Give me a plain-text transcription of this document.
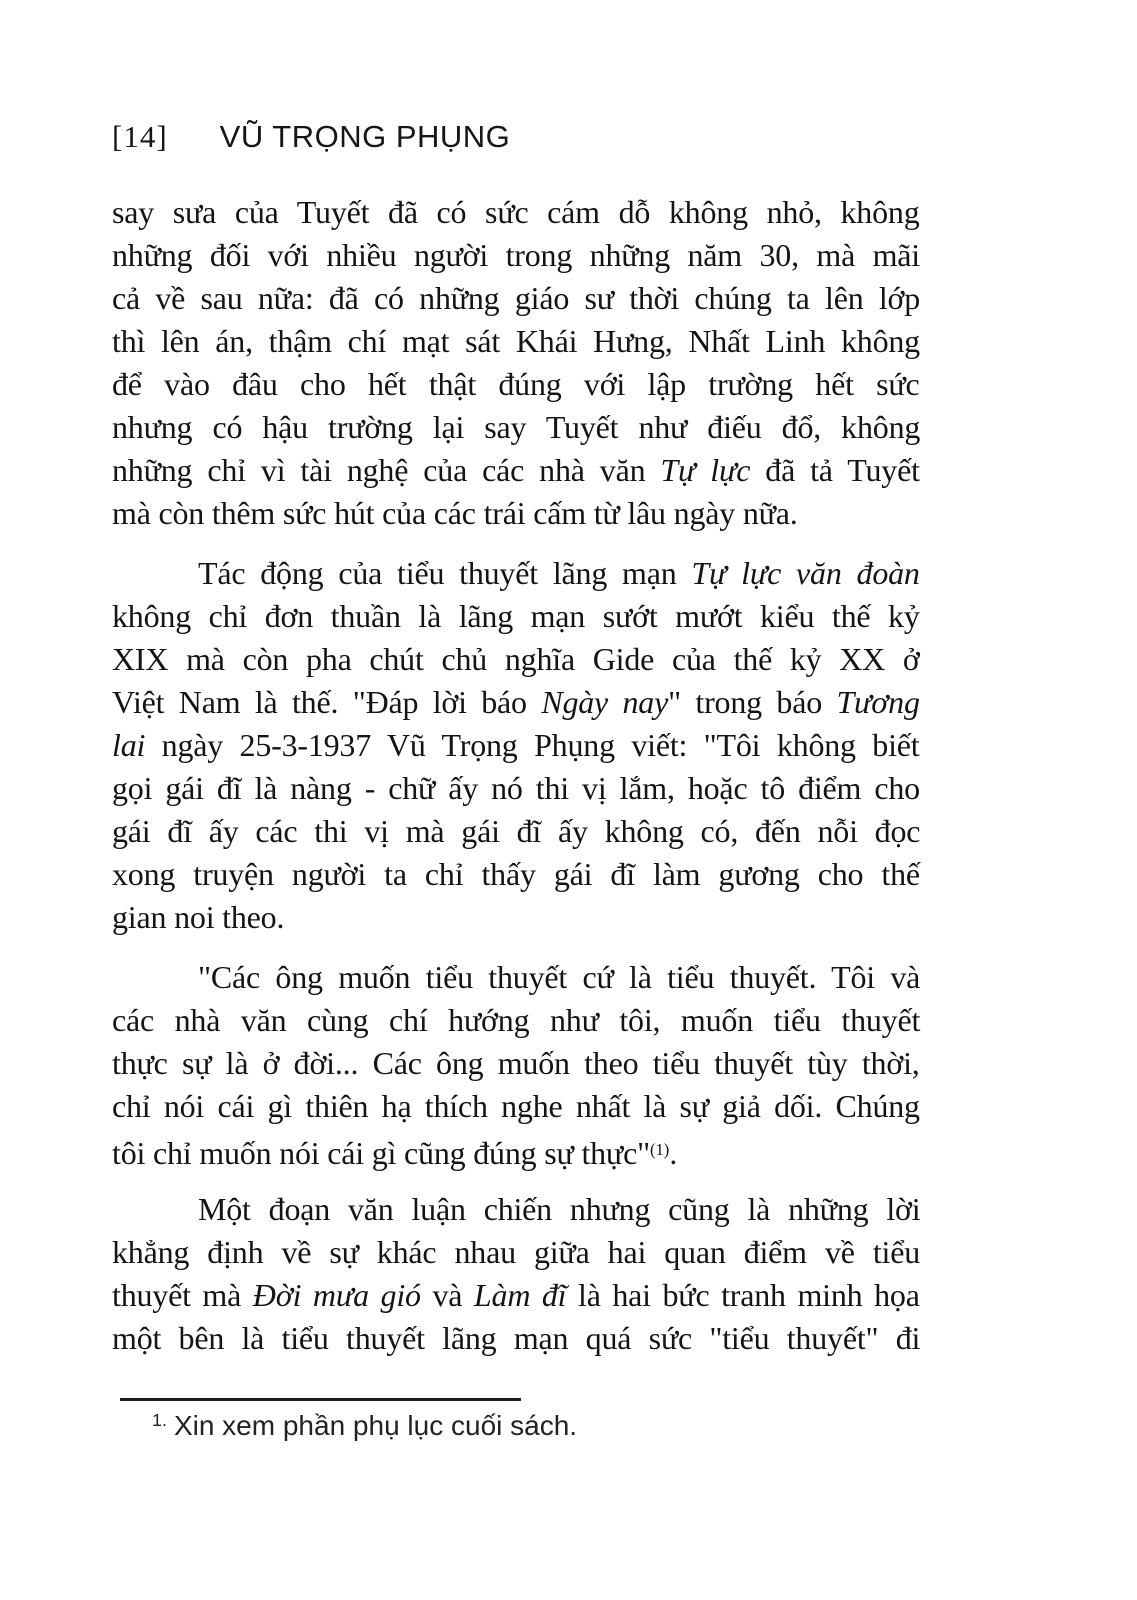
[14] VŨ TRỌNG PHỤNG
say sưa của Tuyết đã có sức cám dỗ không nhỏ, không
những đối với nhiều người trong những năm 30, mà mãi
cả về sau nữa: đã có những giáo sư thời chúng ta lên lớp
thì lên án, thậm chí mạt sát Khái Hưng, Nhất Linh không
để vào đâu cho hết thật đúng với lập trường hết sức
nhưng có hậu trường lại say Tuyết như điếu đổ, không
những chỉ vì tài nghệ của các nhà văn Tự lực đã tả Tuyết
mà còn thêm sức hút của các trái cấm từ lâu ngày nữa.
Tác động của tiểu thuyết lãng mạn Tự lực văn đoàn
không chỉ đơn thuần là lãng mạn sướt mướt kiểu thế kỷ
XIX mà còn pha chút chủ nghĩa Gide của thế kỷ XX ở
Việt Nam là thế. "Đáp lời báo Ngày nay" trong báo Tương
lai ngày 25-3-1937 Vũ Trọng Phụng viết: "Tôi không biết
gọi gái đĩ là nàng - chữ ấy nó thi vị lắm, hoặc tô điểm cho
gái đĩ ấy các thi vị mà gái đĩ ấy không có, đến nỗi đọc
xong truyện người ta chỉ thấy gái đĩ làm gương cho thế
gian noi theo.
"Các ông muốn tiểu thuyết cứ là tiểu thuyết. Tôi và
các nhà văn cùng chí hướng như tôi, muốn tiểu thuyết
thực sự là ở đời... Các ông muốn theo tiểu thuyết tùy thời,
chỉ nói cái gì thiên hạ thích nghe nhất là sự giả dối. Chúng
tôi chỉ muốn nói cái gì cũng đúng sự thực"$^{(1)}$.
Một đoạn văn luận chiến nhưng cũng là những lời
khẳng định về sự khác nhau giữa hai quan điểm về tiểu
thuyết mà Đời mưa gió và Làm đĩ là hai bức tranh minh họa
một bên là tiểu thuyết lãng mạn quá sức "tiểu thuyết" đi
$^{1.}$ Xin xem phần phụ lục cuối sách.
